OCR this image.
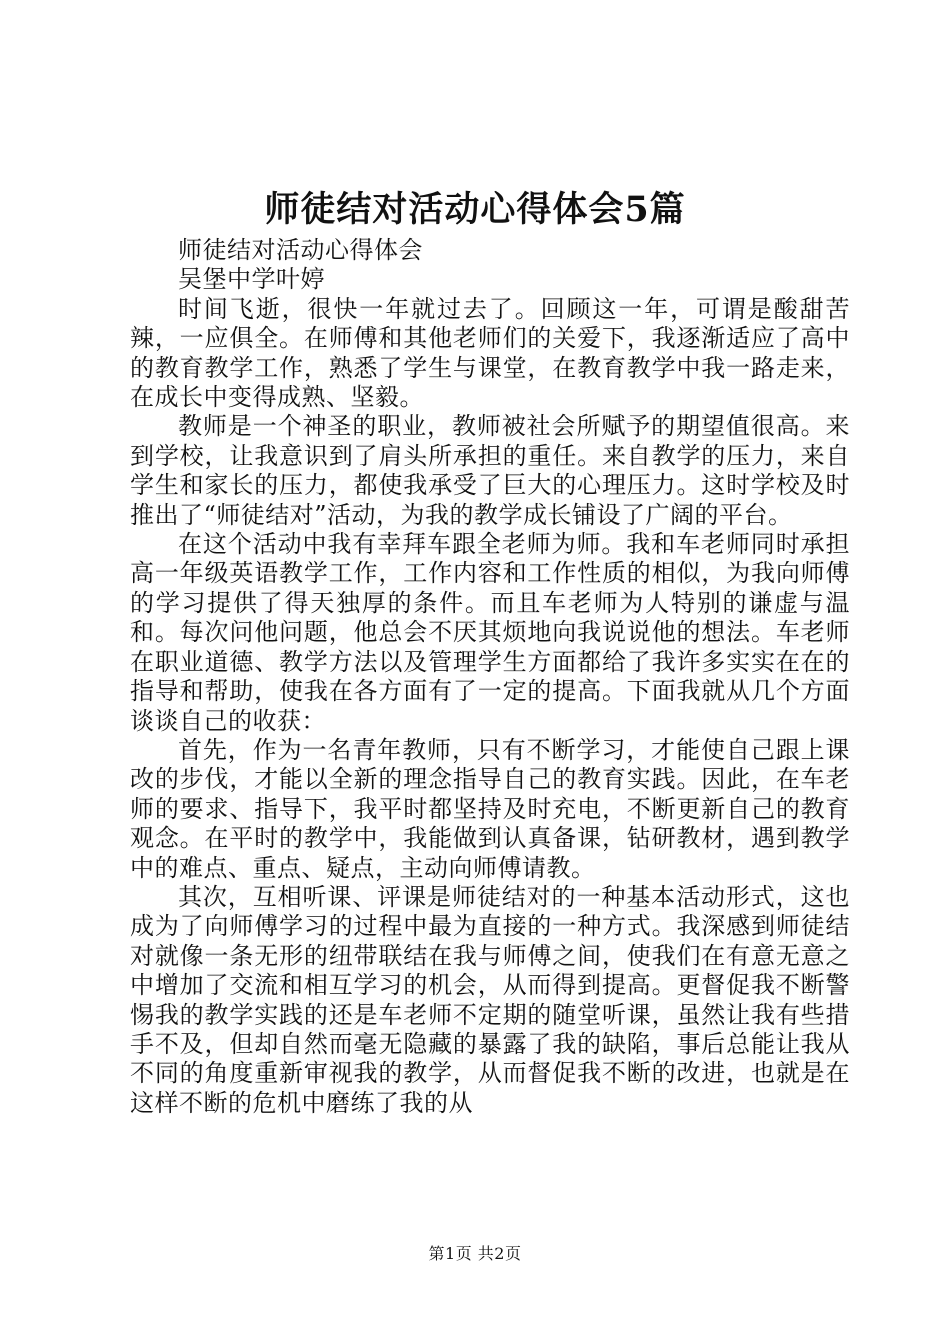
师徒结对活动心得体会5篇

师徒结对活动心得体会

吴堡中学叶婷

时间飞逝，很快一年就过去了。回顾这一年，可谓是酸甜苦辣，一应俱全。在师傅和其他老师们的关爱下，我逐渐适应了高中的教育教学工作，熟悉了学生与课堂，在教育教学中我一路走来，在成长中变得成熟、坚毅。

教师是一个神圣的职业，教师被社会所赋予的期望值很高。来到学校，让我意识到了肩头所承担的重任。来自教学的压力，来自学生和家长的压力，都使我承受了巨大的心理压力。这时学校及时推出了“师徒结对”活动，为我的教学成长铺设了广阔的平台。

在这个活动中我有幸拜车跟全老师为师。我和车老师同时承担高一年级英语教学工作，工作内容和工作性质的相似，为我向师傅的学习提供了得天独厚的条件。而且车老师为人特别的谦虚与温和。每次问他问题，他总会不厌其烦地向我说说他的想法。车老师在职业道德、教学方法以及管理学生方面都给了我许多实实在在的指导和帮助，使我在各方面有了一定的提高。下面我就从几个方面谈谈自己的收获：

首先，作为一名青年教师，只有不断学习，才能使自己跟上课改的步伐，才能以全新的理念指导自己的教育实践。因此，在车老师的要求、指导下，我平时都坚持及时充电，不断更新自己的教育观念。在平时的教学中，我能做到认真备课，钻研教材，遇到教学中的难点、重点、疑点，主动向师傅请教。

其次，互相听课、评课是师徒结对的一种基本活动形式，这也成为了向师傅学习的过程中最为直接的一种方式。我深感到师徒结对就像一条无形的纽带联结在我与师傅之间，使我们在有意无意之中增加了交流和相互学习的机会，从而得到提高。更督促我不断警惕我的教学实践的还是车老师不定期的随堂听课，虽然让我有些措手不及，但却自然而毫无隐藏的暴露了我的缺陷，事后总能让我从不同的角度重新审视我的教学，从而督促我不断的改进，也就是在这样不断的危机中磨练了我的从

第1页 共2页
